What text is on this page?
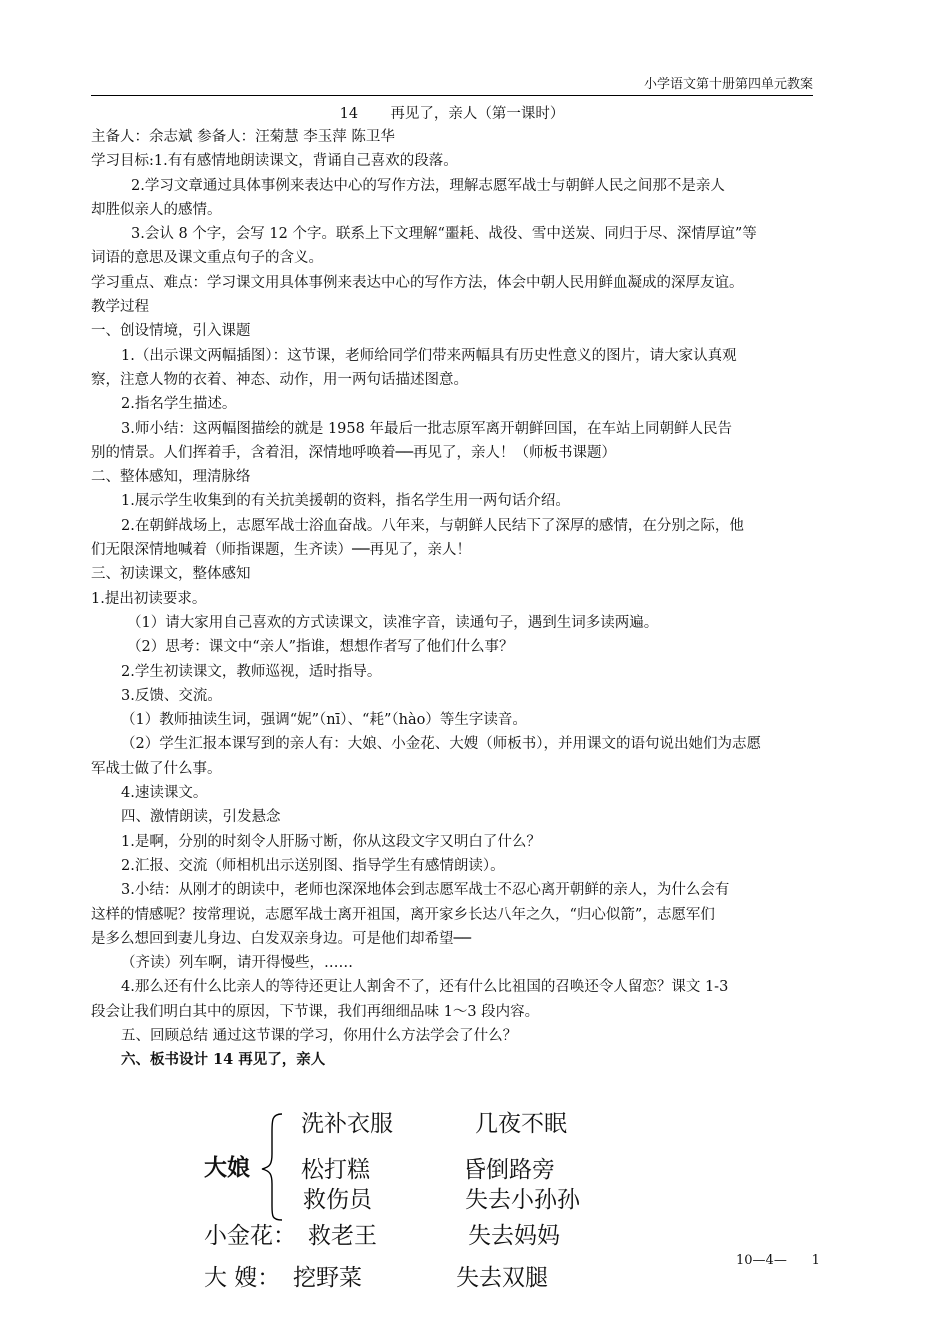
小学语文第十册第四单元教案
14       再见了，亲人（第一课时）
主备人：余志斌 参备人：汪菊慧 李玉萍 陈卫华
学习目标:1.有有感情地朗读课文，背诵自己喜欢的段落。
2.学习文章通过具体事例来表达中心的写作方法，理解志愿军战士与朝鲜人民之间那不是亲人
却胜似亲人的感情。
3.会认 8 个字，会写 12 个字。联系上下文理解“噩耗、战役、雪中送炭、同归于尽、深情厚谊”等
词语的意思及课文重点句子的含义。
学习重点、难点：学习课文用具体事例来表达中心的写作方法，体会中朝人民用鲜血凝成的深厚友谊。
教学过程
一、创设情境，引入课题
1.（出示课文两幅插图）：这节课，老师给同学们带来两幅具有历史性意义的图片，请大家认真观
察，注意人物的衣着、神态、动作，用一两句话描述图意。
2.指名学生描述。
3.师小结：这两幅图描绘的就是 1958 年最后一批志原军离开朝鲜回国，在车站上同朝鲜人民告
别的情景。人们挥着手，含着泪，深情地呼唤着──再见了，亲人！（师板书课题）
二、整体感知，理清脉络
1.展示学生收集到的有关抗美援朝的资料，指名学生用一两句话介绍。
2.在朝鲜战场上，志愿军战士浴血奋战。八年来，与朝鲜人民结下了深厚的感情，在分别之际，他
们无限深情地喊着（师指课题，生齐读）──再见了，亲人！
三、初读课文，整体感知
1.提出初读要求。
（1）请大家用自己喜欢的方式读课文，读准字音，读通句子，遇到生词多读两遍。
（2）思考：课文中“亲人”指谁，想想作者写了他们什么事？
2.学生初读课文，教师巡视，适时指导。
3.反馈、交流。
（1）教师抽读生词，强调“妮”（nī）、“耗”（hào）等生字读音。
（2）学生汇报本课写到的亲人有：大娘、小金花、大嫂（师板书），并用课文的语句说出她们为志愿
军战士做了什么事。
4.速读课文。
四、激情朗读，引发悬念
1.是啊，分别的时刻令人肝肠寸断，你从这段文字又明白了什么？
2.汇报、交流（师相机出示送别图、指导学生有感情朗读）。
3.小结：从刚才的朗读中，老师也深深地体会到志愿军战士不忍心离开朝鲜的亲人，为什么会有
这样的情感呢？按常理说，志愿军战士离开祖国，离开家乡长达八年之久，“归心似箭”，志愿军们
是多么想回到妻儿身边、白发双亲身边。可是他们却希望──
（齐读）列车啊，请开得慢些，……
4.那么还有什么比亲人的等待还更让人割舍不了，还有什么比祖国的召唤还令人留恋？课文 1-3
段会让我们明白其中的原因，下节课，我们再细细品味 1～3 段内容。
五、回顾总结 通过这节课的学习，你用什么方法学会了什么？
六、板书设计 14 再见了，亲人
大娘
洗补衣服	几夜不眠
松打糕	昏倒路旁
救伤员	失去小孙孙
小金花： 救老王	失去妈妈
大 嫂： 挖野菜	失去双腿
10—4—      1
